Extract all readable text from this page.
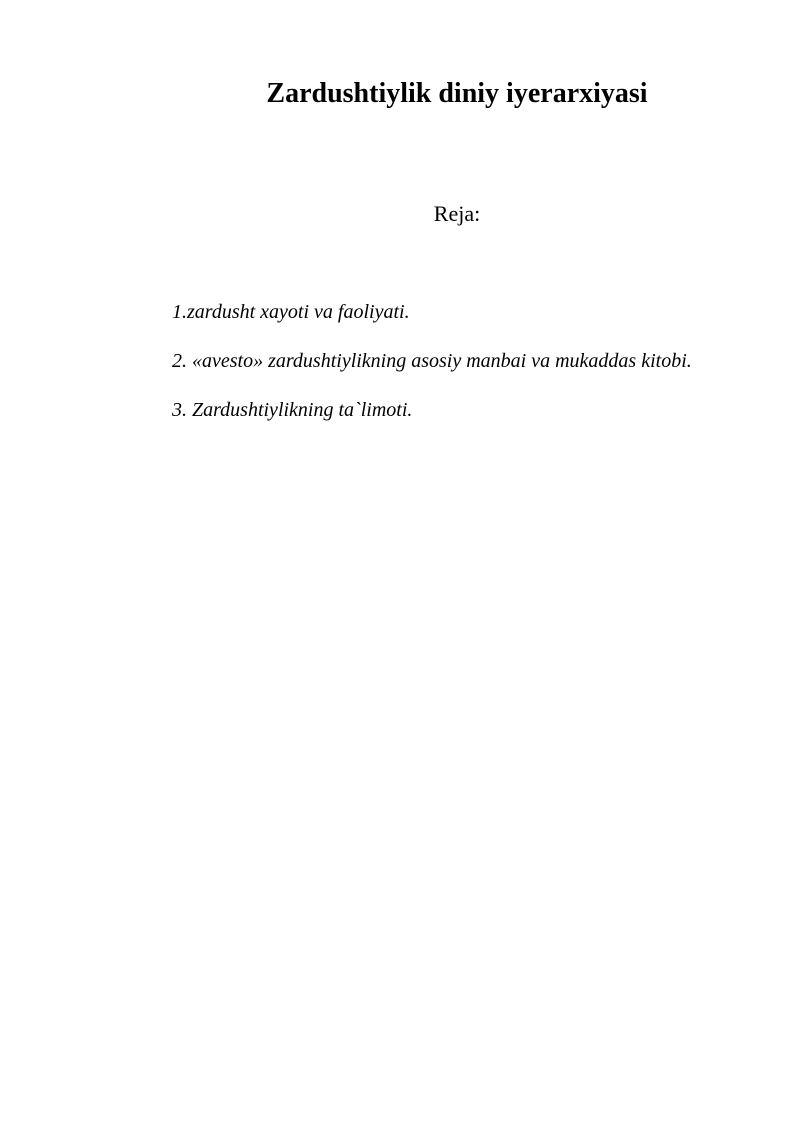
Zardushtiylik diniy iyerarxiyasi

Reja:

1.zardusht xayoti va faoliyati.
2. «avesto» zardushtiylikning asosiy manbai va mukaddas kitobi.
3. Zardushtiylikning ta`limoti.
